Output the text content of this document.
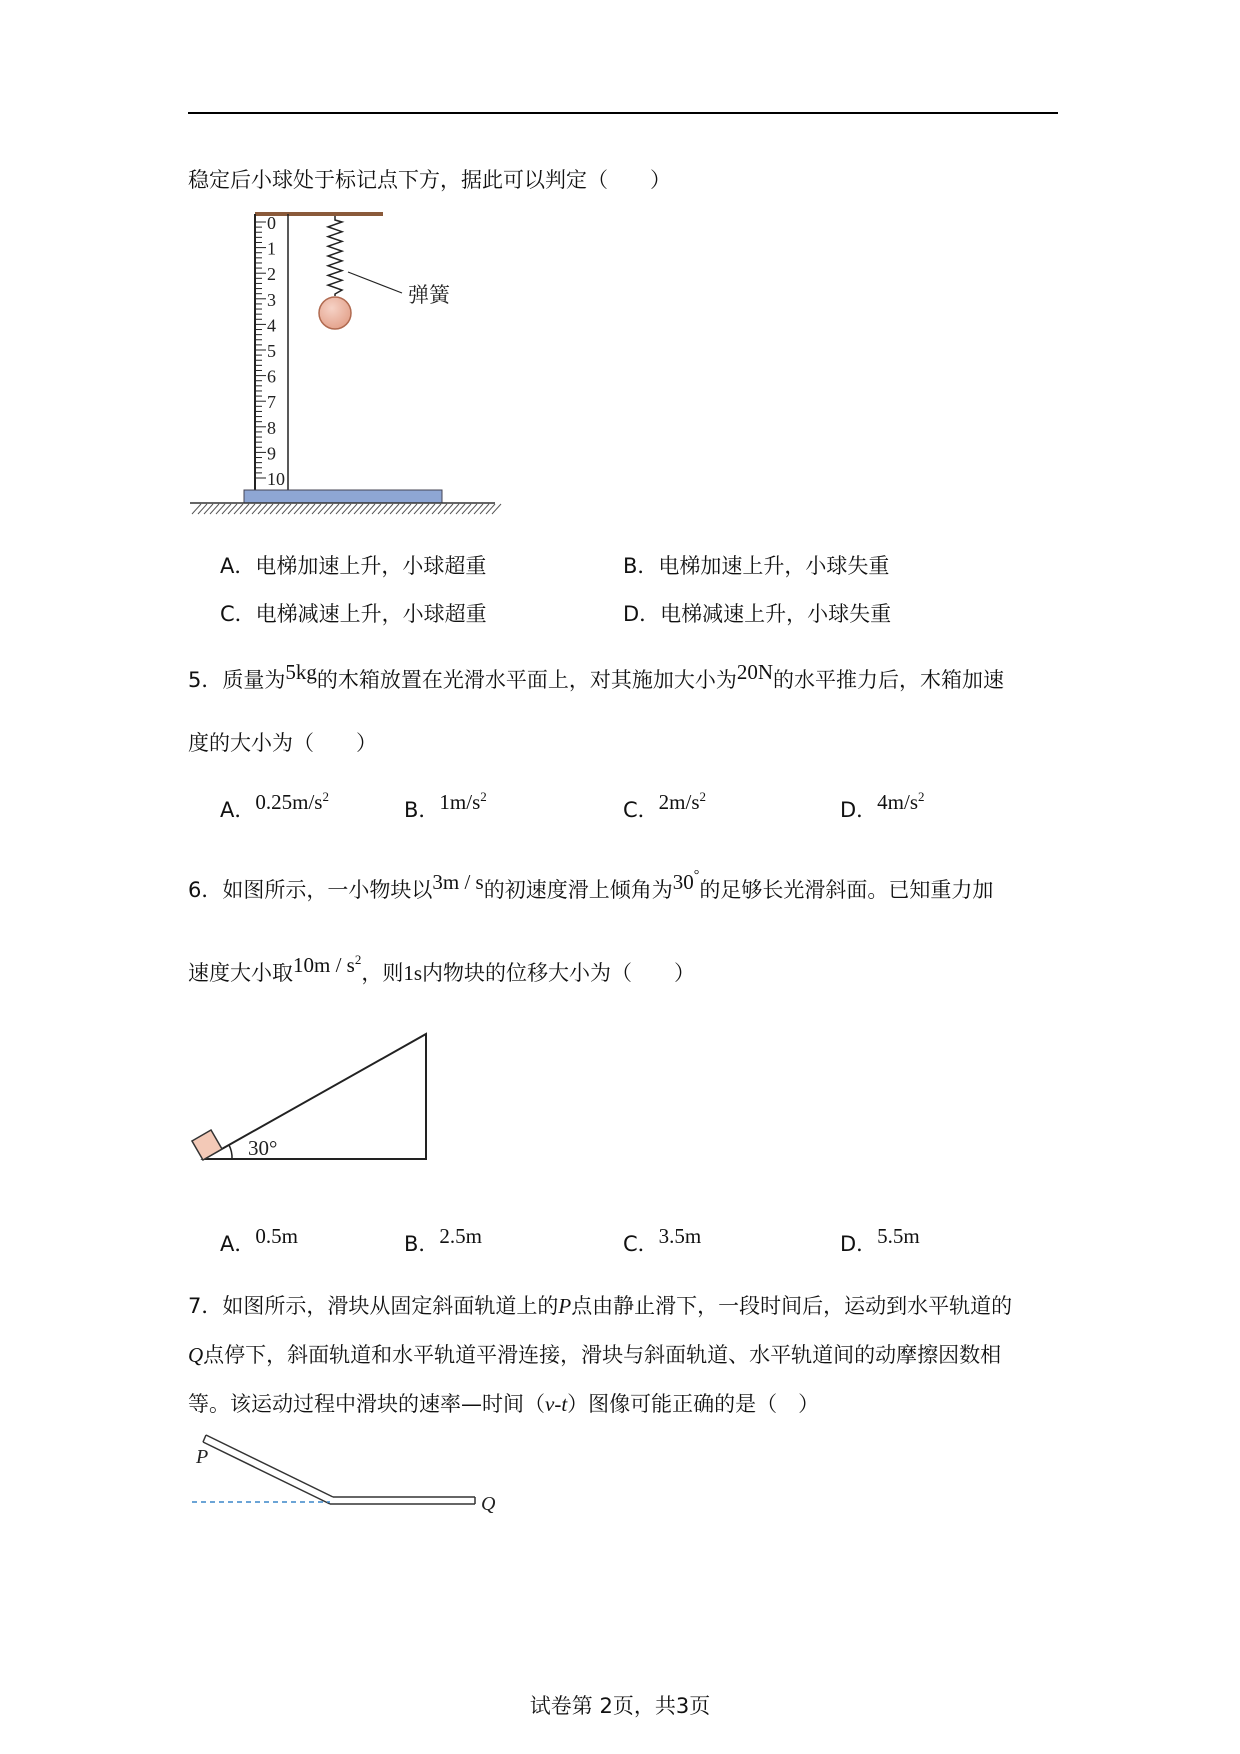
稳定后小球处于标记点下方，据此可以判定（　　）
0
1
2
3
4
5
6
7
8
9
10
弹簧
A．电梯加速上升，小球超重	B．电梯加速上升，小球失重
C．电梯减速上升，小球超重	D．电梯减速上升，小球失重
5．质量为5kg的木箱放置在光滑水平面上，对其施加大小为20N的水平推力后，木箱加速
度的大小为（　　）
A．$0.25m/s^2$
B．$1m/s^2$
C．$2m/s^2$
D．$4m/s^2$
6．如图所示，一小物块以3m / s的初速度滑上倾角为30°的足够长光滑斜面。已知重力加
速度大小取$10m / s^2$，则1s内物块的位移大小为（　　）
30°
A．0.5m	B．2.5m	C．3.5m	D．5.5m
7．如图所示，滑块从固定斜面轨道上的P点由静止滑下，一段时间后，运动到水平轨道的
Q点停下，斜面轨道和水平轨道平滑连接，滑块与斜面轨道、水平轨道间的动摩擦因数相
等。该运动过程中滑块的速率—时间（v-t）图像可能正确的是（　）
P
Q
试卷第 2页，共3页
